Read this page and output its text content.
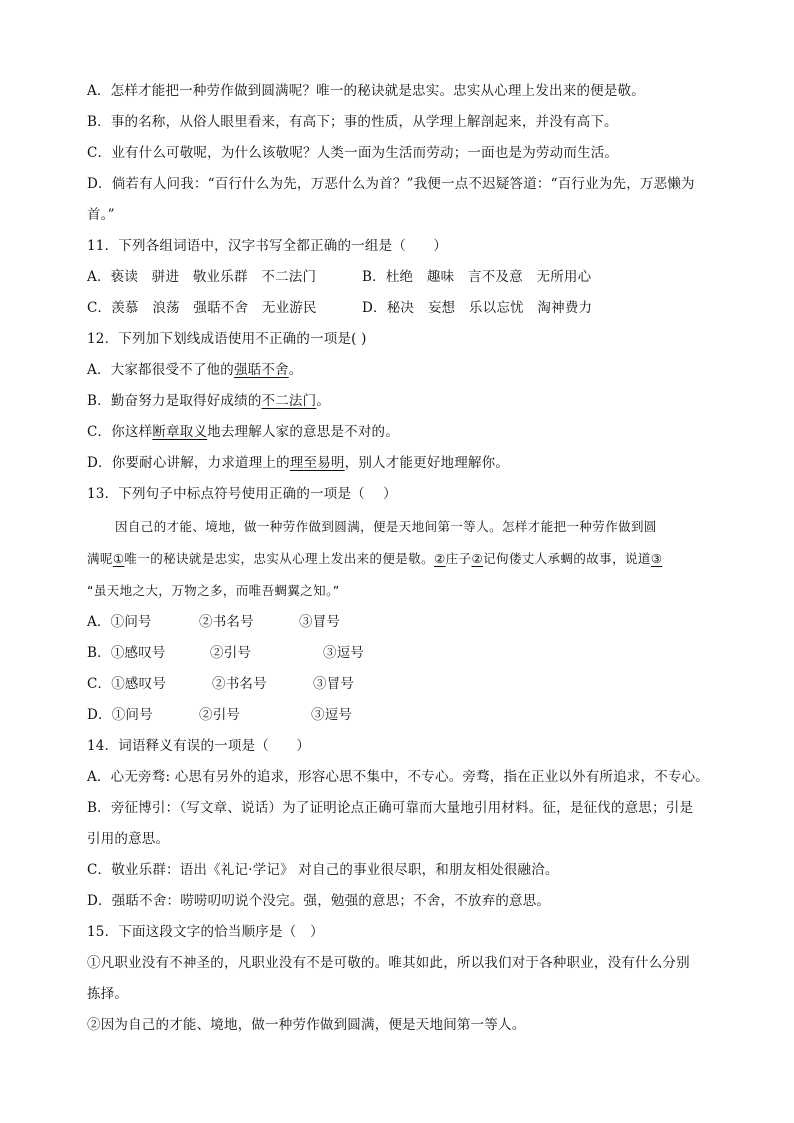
A．怎样才能把一种劳作做到圆满呢？唯一的秘诀就是忠实。忠实从心理上发出来的便是敬。
B．事的名称，从俗人眼里看来，有高下；事的性质，从学理上解剖起来，并没有高下。
C．业有什么可敬呢，为什么该敬呢？人类一面为生活而劳动；一面也是为劳动而生活。
D．倘若有人问我：“百行什么为先，万恶什么为首？”我便一点不迟疑答道：“百行业为先，万恶懒为
首。”
11．下列各组词语中，汉字书写全都正确的一组是（　　）
A．亵读　骈进　敬业乐群　不二法门	B．杜绝　趣味　言不及意　无所用心
C．羡慕　浪荡　强聒不舍　无业游民	D．秘决　妄想　乐以忘忧　淘神费力
12．下列加下划线成语使用不正确的一项是( )
A．大家都很受不了他的强聒不舍。
B．勤奋努力是取得好成绩的不二法门。
C．你这样断章取义地去理解人家的意思是不对的。
D．你要耐心讲解，力求道理上的理至易明，别人才能更好地理解你。
13．下列句子中标点符号使用正确的一项是（　 ）
因自己的才能、境地，做一种劳作做到圆满，便是天地间第一等人。怎样才能把一种劳作做到圆
满呢①唯一的秘诀就是忠实，忠实从心理上发出来的便是敬。②庄子②记佝偻丈人承蜩的故事，说道③
“虽天地之大，万物之多，而唯吾蜩翼之知。”
A．①问号	②书名号	③冒号
B．①感叹号	②引号	③逗号
C．①感叹号	②书名号	③冒号
D．①问号	②引号	③逗号
14．词语释义有误的一项是（　　）
A．心无旁骛: 心思有另外的追求，形容心思不集中，不专心。旁骛，指在正业以外有所追求，不专心。
B．旁征博引：（写文章、说话）为了证明论点正确可靠而大量地引用材料。征，是征伐的意思；引是
引用的意思。
C．敬业乐群：语出《礼记·学记》 对自己的事业很尽职，和朋友相处很融洽。
D．强聒不舍：唠唠叨叨说个没完。强，勉强的意思；不舍，不放弃的意思。
15．下面这段文字的恰当顺序是（　）
①凡职业没有不神圣的，凡职业没有不是可敬的。唯其如此，所以我们对于各种职业，没有什么分别
拣择。
②因为自己的才能、境地，做一种劳作做到圆满，便是天地间第一等人。
